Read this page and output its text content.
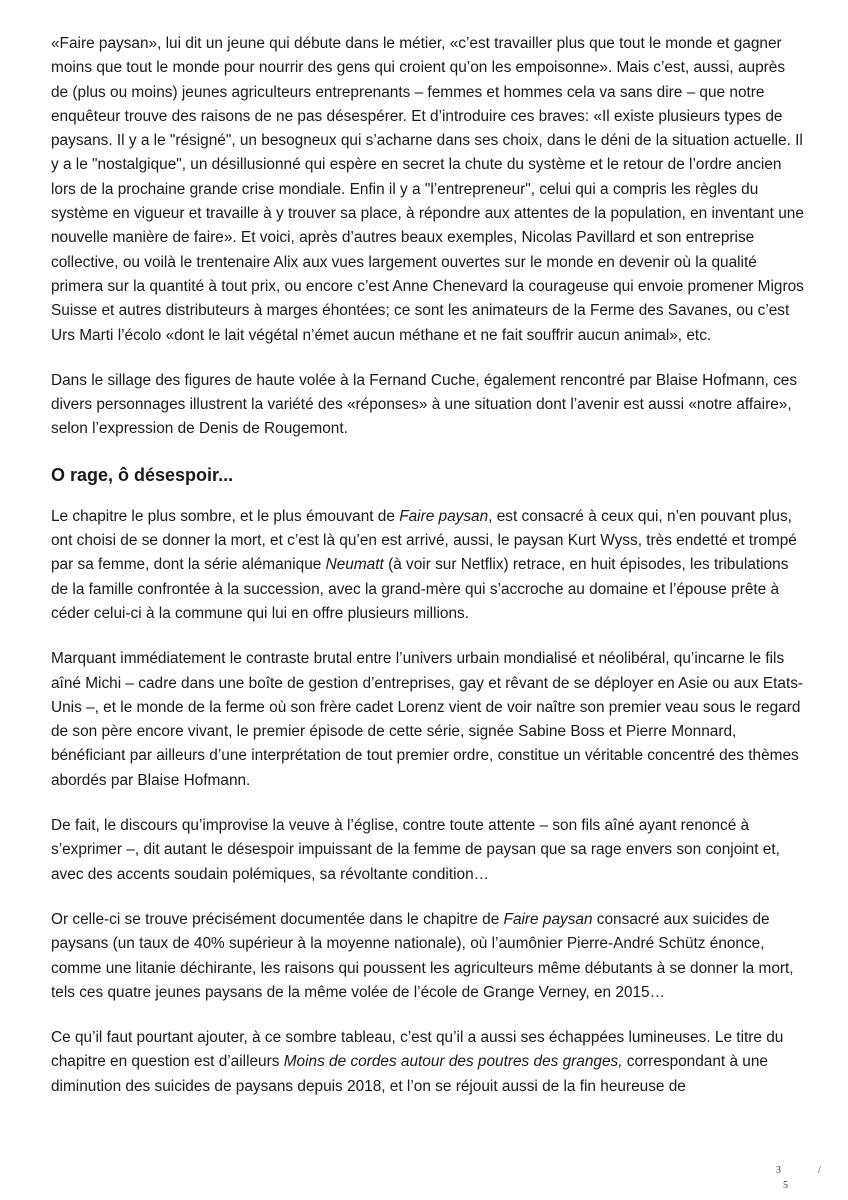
«Faire paysan», lui dit un jeune qui débute dans le métier, «c’est travailler plus que tout le monde et gagner moins que tout le monde pour nourrir des gens qui croient qu’on les empoisonne». Mais c’est, aussi, auprès de (plus ou moins) jeunes agriculteurs entreprenants – femmes et hommes cela va sans dire – que notre enquêteur trouve des raisons de ne pas désespérer. Et d’introduire ces braves: «Il existe plusieurs types de paysans. Il y a le "résigné", un besogneux qui s’acharne dans ses choix, dans le déni de la situation actuelle. Il y a le "nostalgique", un désillusionné qui espère en secret la chute du système et le retour de l’ordre ancien lors de la prochaine grande crise mondiale. Enfin il y a "l’entrepreneur", celui qui a compris les règles du système en vigueur et travaille à y trouver sa place, à répondre aux attentes de la population, en inventant une nouvelle manière de faire». Et voici, après d’autres beaux exemples, Nicolas Pavillard et son entreprise collective, ou voilà le trentenaire Alix aux vues largement ouvertes sur le monde en devenir où la qualité primera sur la quantité à tout prix, ou encore c’est Anne Chenevard la courageuse qui envoie promener Migros Suisse et autres distributeurs à marges éhontées; ce sont les animateurs de la Ferme des Savanes, ou c’est Urs Marti l’écolo «dont le lait végétal n’émet aucun méthane et ne fait souffrir aucun animal», etc.

Dans le sillage des figures de haute volée à la Fernand Cuche, également rencontré par Blaise Hofmann, ces divers personnages illustrent la variété des «réponses» à une situation dont l’avenir est aussi «notre affaire», selon l’expression de Denis de Rougemont.

O rage, ô désespoir...

Le chapitre le plus sombre, et le plus émouvant de Faire paysan, est consacré à ceux qui, n’en pouvant plus, ont choisi de se donner la mort, et c’est là qu’en est arrivé, aussi, le paysan Kurt Wyss, très endetté et trompé par sa femme, dont la série alémanique Neumatt (à voir sur Netflix) retrace, en huit épisodes, les tribulations de la famille confrontée à la succession, avec la grand-mère qui s’accroche au domaine et l’épouse prête à céder celui-ci à la commune qui lui en offre plusieurs millions.

Marquant immédiatement le contraste brutal entre l’univers urbain mondialisé et néolibéral, qu’incarne le fils aîné Michi – cadre dans une boîte de gestion d’entreprises, gay et rêvant de se déployer en Asie ou aux Etats-Unis –, et le monde de la ferme où son frère cadet Lorenz vient de voir naître son premier veau sous le regard de son père encore vivant, le premier épisode de cette série, signée Sabine Boss et Pierre Monnard, bénéficiant par ailleurs d’une interprétation de tout premier ordre, constitue un véritable concentré des thèmes abordés par Blaise Hofmann.

De fait, le discours qu’improvise la veuve à l’église, contre toute attente – son fils aîné ayant renoncé à s’exprimer –, dit autant le désespoir impuissant de la femme de paysan que sa rage envers son conjoint et, avec des accents soudain polémiques, sa révoltante condition…

Or celle-ci se trouve précisément documentée dans le chapitre de Faire paysan consacré aux suicides de paysans (un taux de 40% supérieur à la moyenne nationale), où l’aumônier Pierre-André Schütz énonce, comme une litanie déchirante, les raisons qui poussent les agriculteurs même débutants à se donner la mort, tels ces quatre jeunes paysans de la même volée de l’école de Grange Verney, en 2015…

Ce qu’il faut pourtant ajouter, à ce sombre tableau, c’est qu’il a aussi ses échappées lumineuses. Le titre du chapitre en question est d’ailleurs Moins de cordes autour des poutres des granges, correspondant à une diminution des suicides de paysans depuis 2018, et l’on se réjouit aussi de la fin heureuse de

3	/
5
